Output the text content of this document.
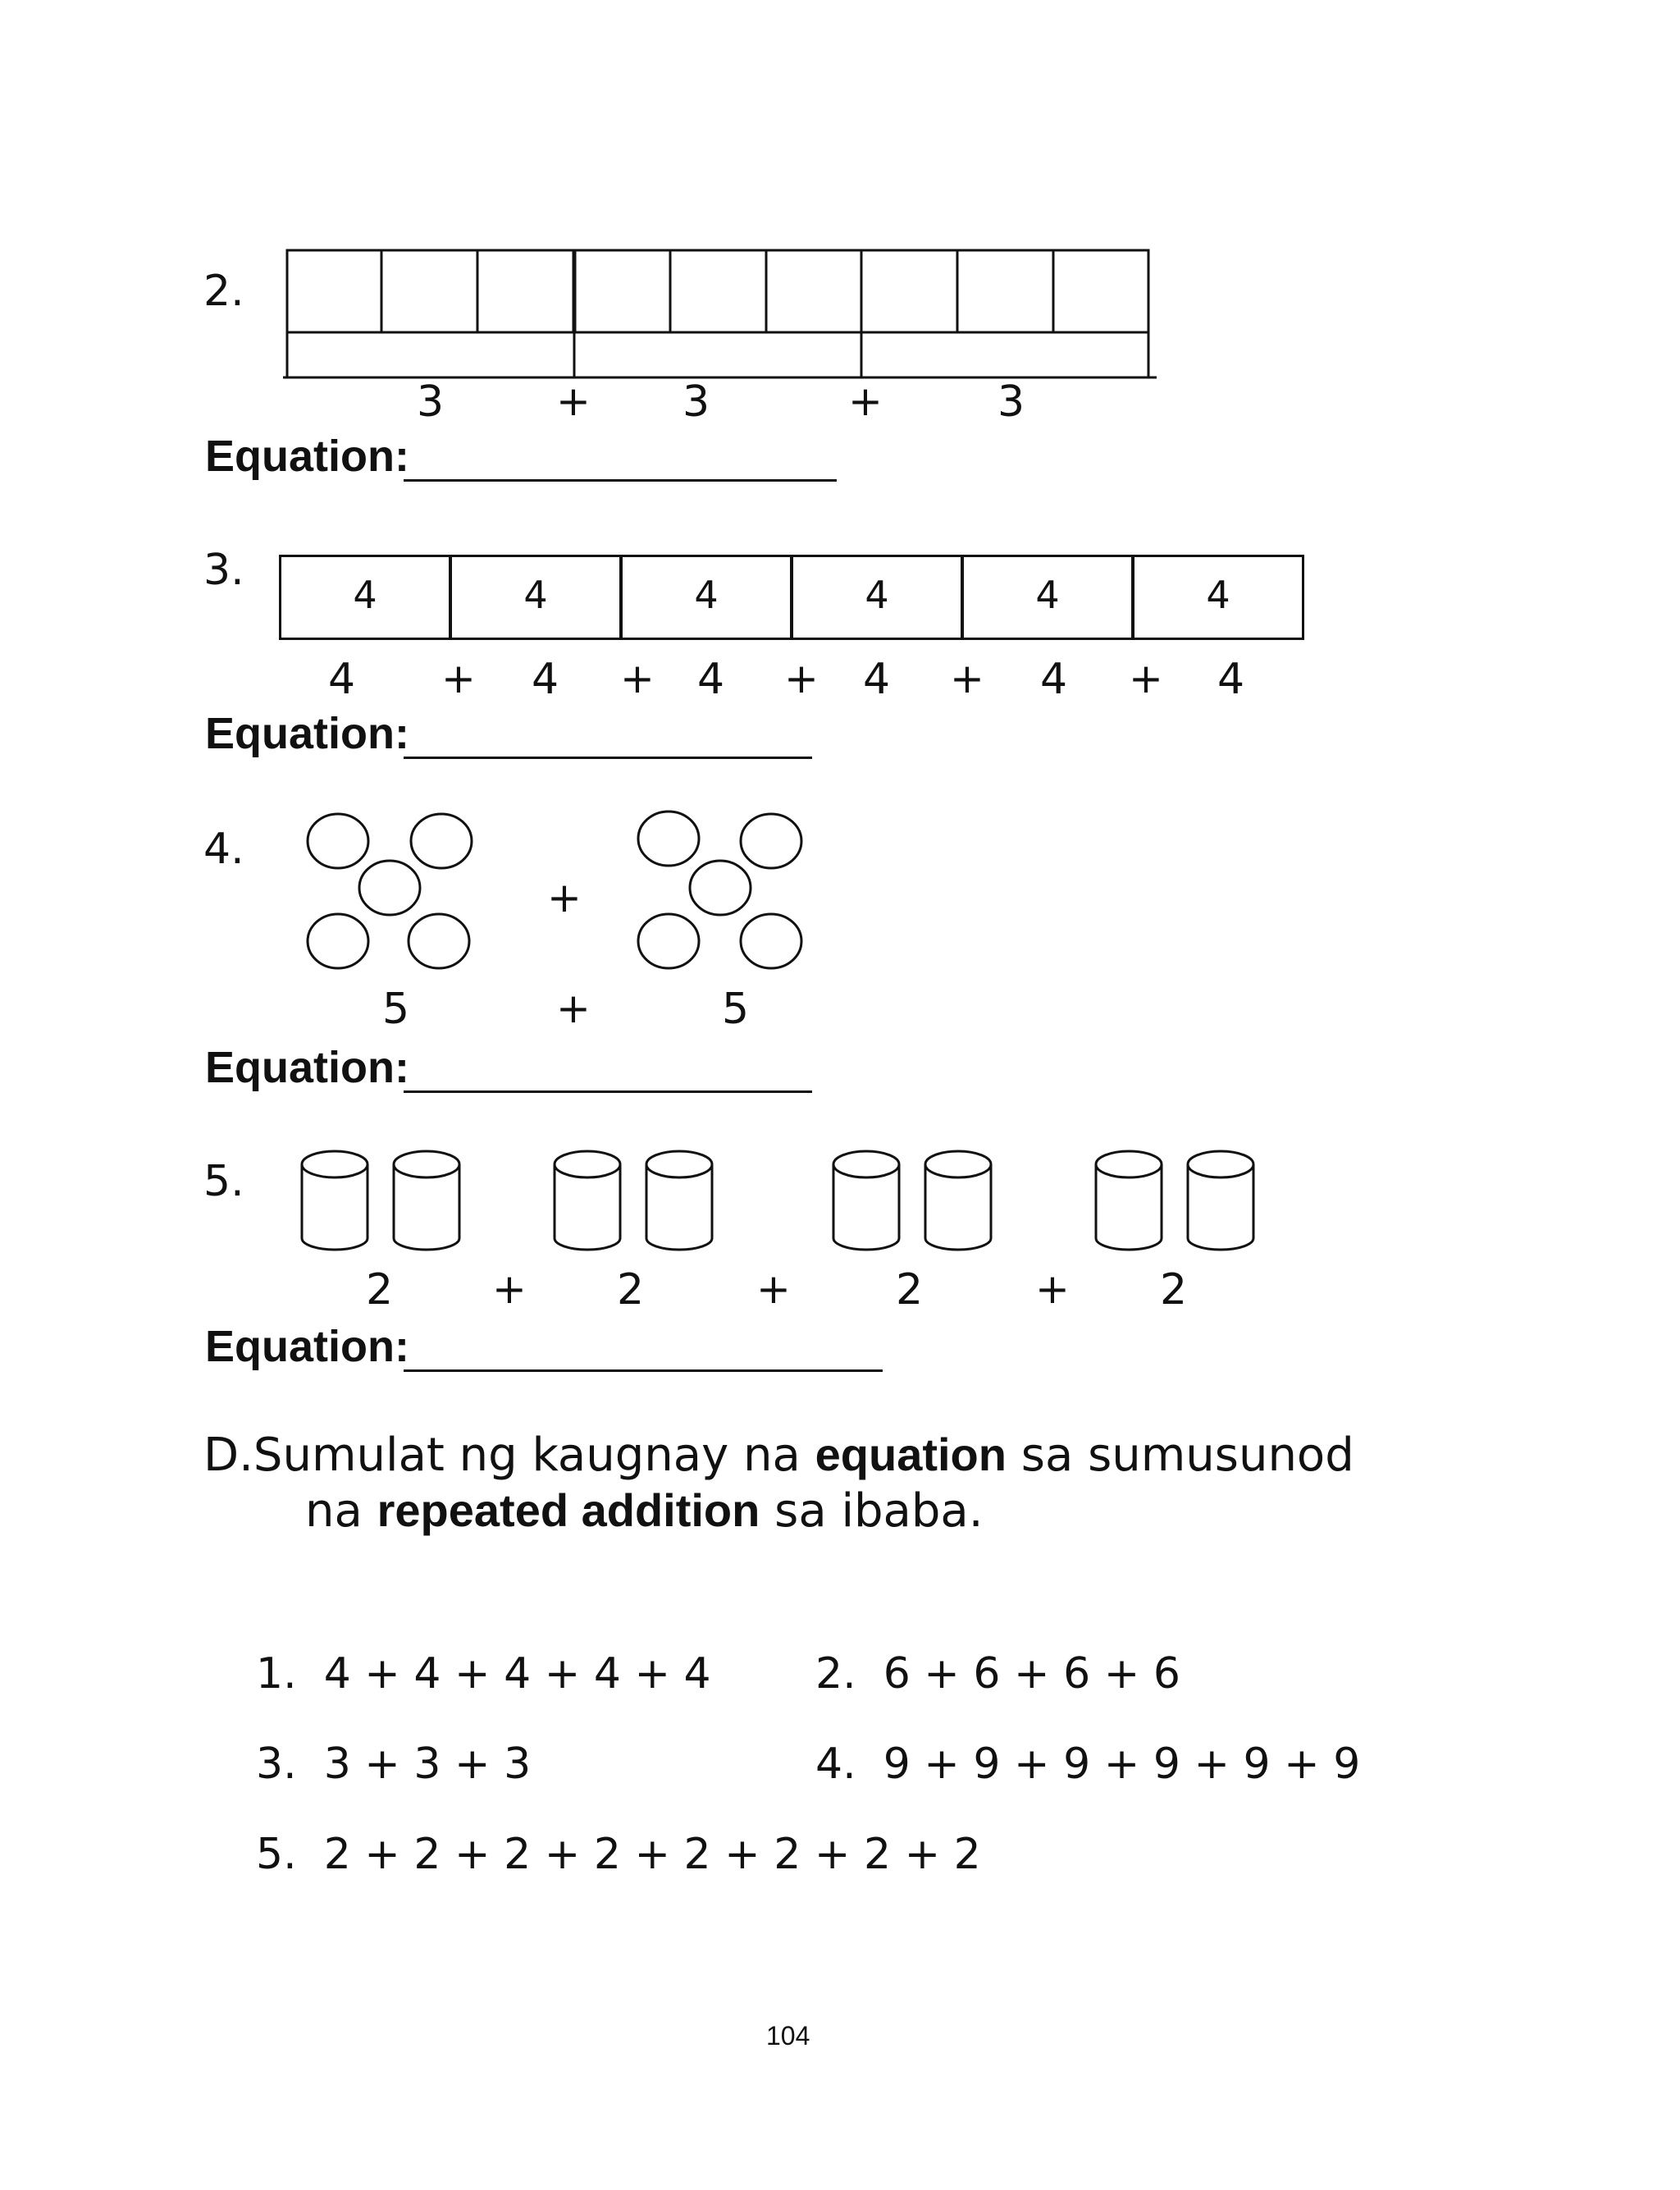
2.
3	+ 3	+	3
Equation:
3.	4	4	4	4	4	4
4 + 4 + 4 + 4 + 4 + 4
Equation:
4.
+
5	+	5
Equation:
5.
2 + 2	+ 2	+ 2
Equation:
D.Sumulat ng kaugnay na equation sa sumusunod
na repeated addition sa ibaba.
1. 4 + 4 + 4 + 4 + 4 2. 6 + 6 + 6 + 6
3. 3 + 3 + 3	4. 9 + 9 + 9 + 9 + 9 + 9
5. 2 + 2 + 2 + 2 + 2 + 2 + 2 + 2
104
